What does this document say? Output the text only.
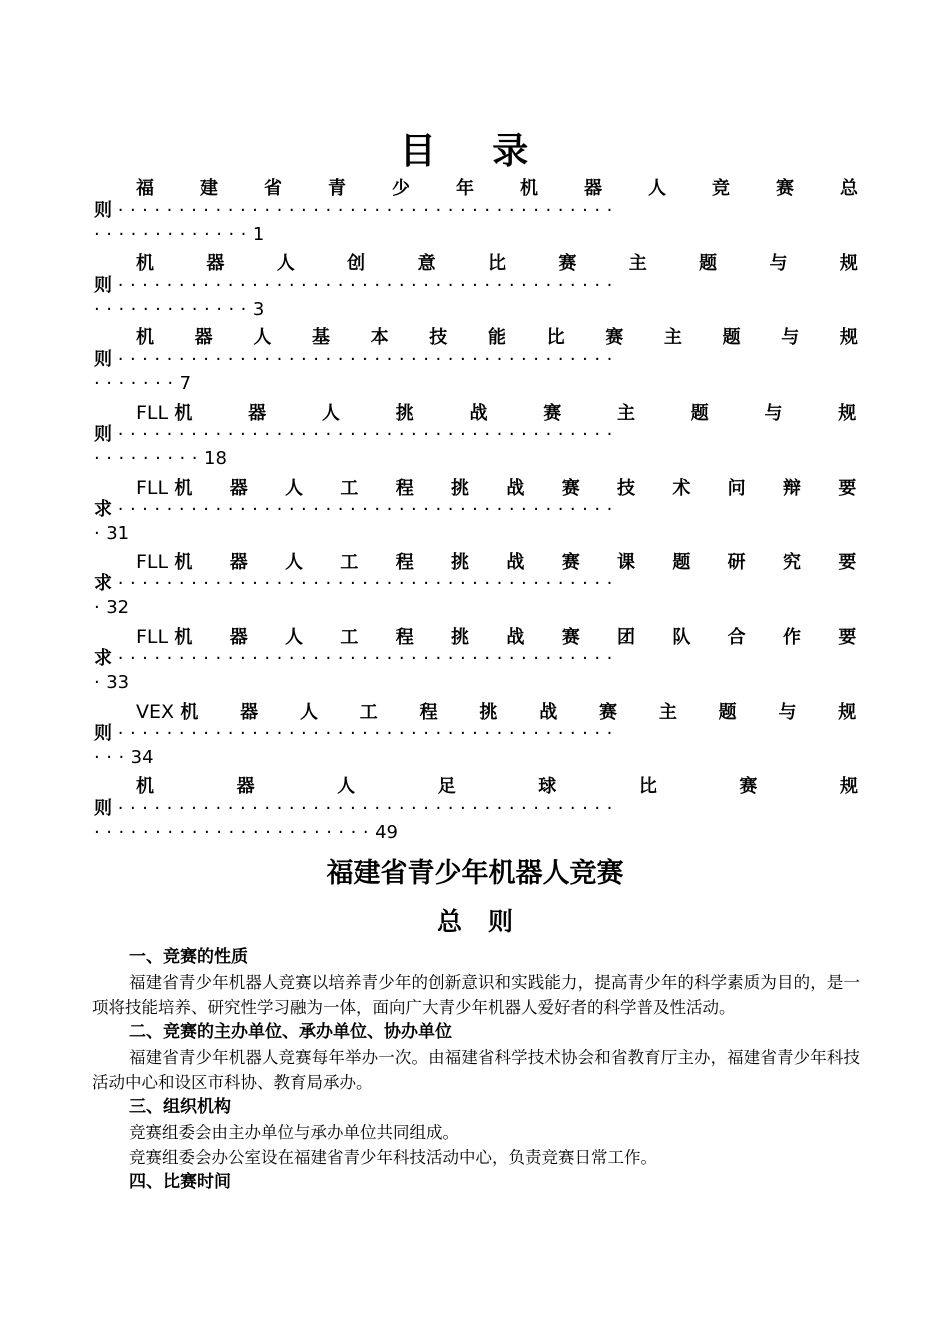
目 录
福	建	省	青	少	年	机	器	人	竞	赛	总
则 ·········································
·············1
机	器	人	创	意	比	赛	主	题	与	规
则 ·········································
·············3
机 器 人 基 本 技 能 比 赛 主 题 与 规
则 ·········································
·······7
FLL 机	器	人	挑	战	赛	主	题	与	规
则 ·········································
·········18
FLL 机 器 人 工 程 挑 战 赛 技 术 问 辩 要
求 ·········································
·31
FLL 机 器 人 工 程 挑 战 赛 课 题 研 究 要
求 ·········································
·32
FLL 机 器 人 工 程 挑 战 赛 团 队 合 作 要
求 ·········································
·33
VEX 机 器 人 工 程 挑 战 赛 主 题 与 规
则 ·········································
···34
机	器	人	足	球	比	赛	规
则 ·········································
·······················49
福建省青少年机器人竞赛
总则
一、竞赛的性质

福建省青少年机器人竞赛以培养青少年的创新意识和实践能力，提高青少年的科学素质为目的，是一项将技能培养、研究性学习融为一体，面向广大青少年机器人爱好者的科学普及性活动。

二、竞赛的主办单位、承办单位、协办单位

福建省青少年机器人竞赛每年举办一次。由福建省科学技术协会和省教育厅主办，福建省青少年科技活动中心和设区市科协、教育局承办。

三、组织机构

竞赛组委会由主办单位与承办单位共同组成。

竞赛组委会办公室设在福建省青少年科技活动中心，负责竞赛日常工作。

四、比赛时间
